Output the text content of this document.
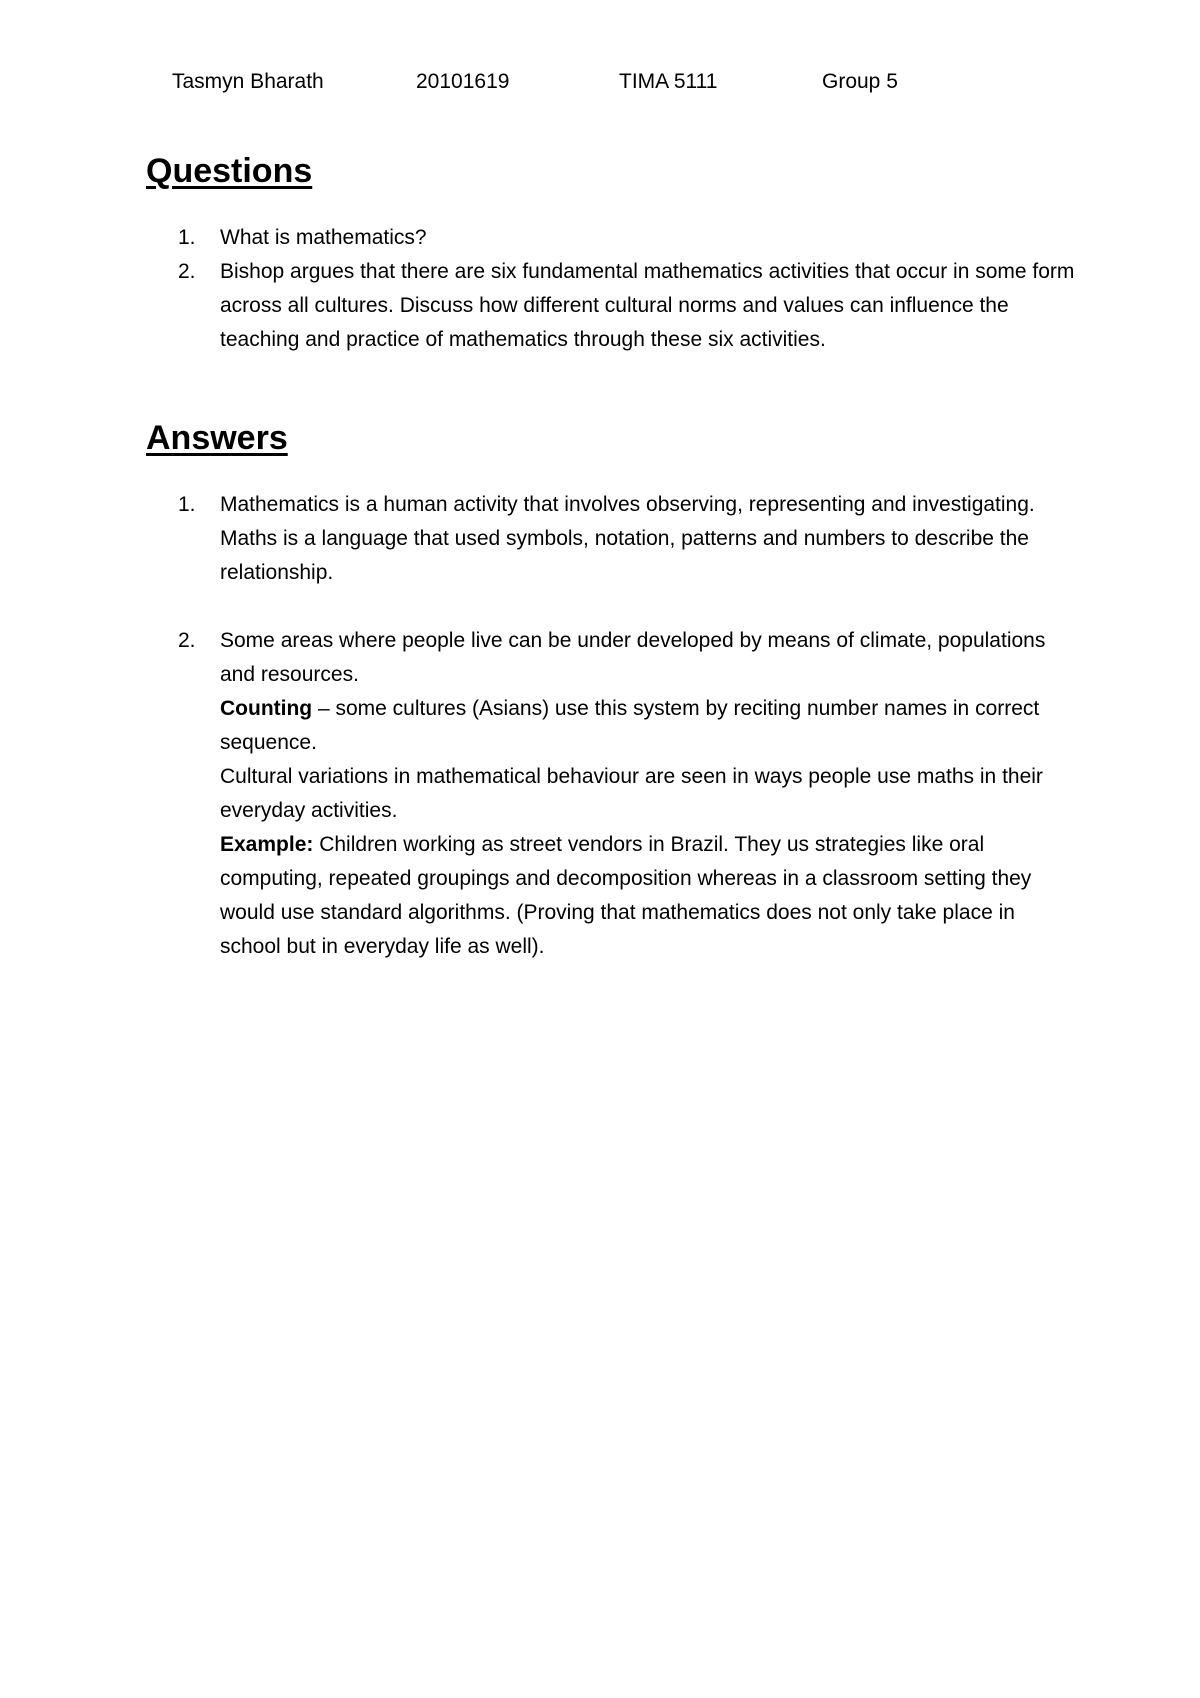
Tasmyn Bharath	20101619	TIMA 5111	Group 5
Questions
1. What is mathematics?
2. Bishop argues that there are six fundamental mathematics activities that occur in some form across all cultures. Discuss how different cultural norms and values can influence the teaching and practice of mathematics through these six activities.
Answers
1. Mathematics is a human activity that involves observing, representing and investigating. Maths is a language that used symbols, notation, patterns and numbers to describe the relationship.
2. Some areas where people live can be under developed by means of climate, populations and resources.
Counting – some cultures (Asians) use this system by reciting number names in correct sequence.
Cultural variations in mathematical behaviour are seen in ways people use maths in their everyday activities.
Example: Children working as street vendors in Brazil. They us strategies like oral computing, repeated groupings and decomposition whereas in a classroom setting they would use standard algorithms. (Proving that mathematics does not only take place in school but in everyday life as well).
